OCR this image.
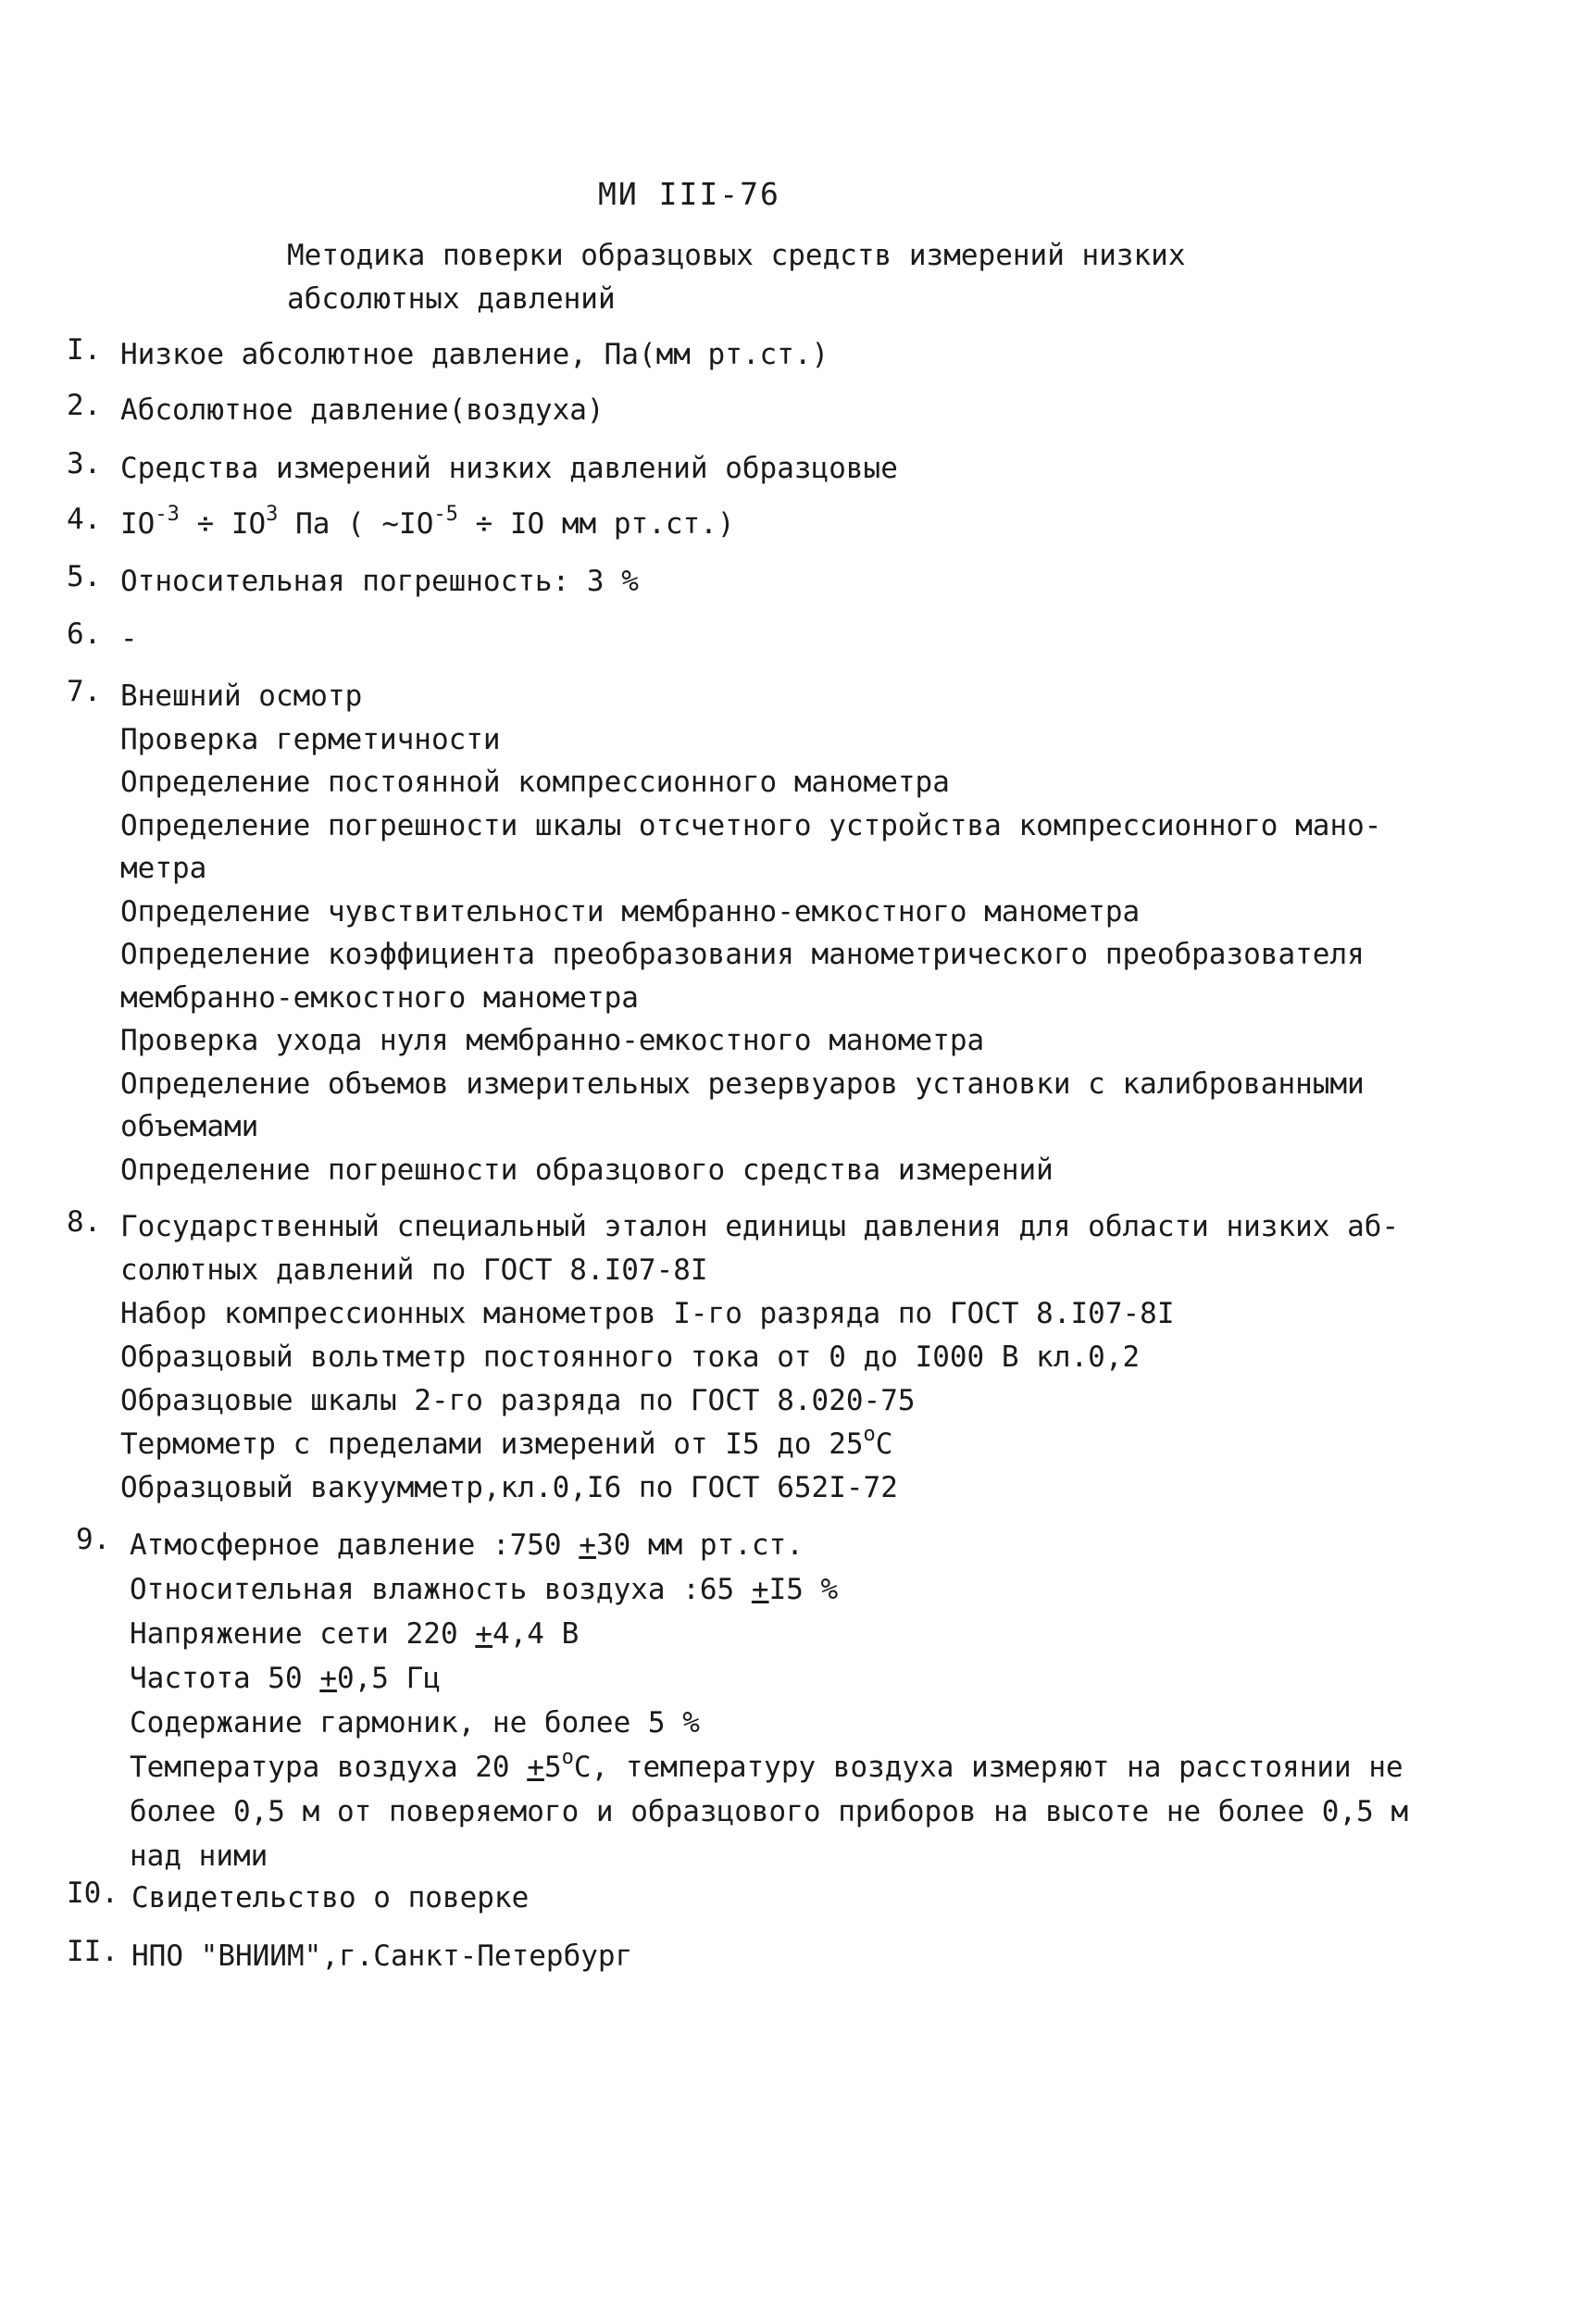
МИ III-76
Методика поверки образцовых средств измерений низких
абсолютных давлений
I. Низкое абсолютное давление, Па(мм рт.ст.)
2. Абсолютное давление(воздуха)
3. Средства измерений низких давлений образцовые
4. $IO^{-3} \div IO^3$ Па ( $\sim IO^{-5}$ ÷ IO мм рт.ст.)
5. Относительная погрешность: 3 %
6. -
7. Внешний осмотр
Проверка герметичности
Определение постоянной компрессионного манометра
Определение погрешности шкалы отсчетного устройства компрессионного мано-
метра
Определение чувствительности мембранно-емкостного манометра
Определение коэффициента преобразования манометрического преобразователя
мембранно-емкостного манометра
Проверка ухода нуля мембранно-емкостного манометра
Определение объемов измерительных резервуаров установки с калиброванными
объемами
Определение погрешности образцового средства измерений
8. Государственный специальный эталон единицы давления для области низких аб-
солютных давлений по ГОСТ 8.I07-8I
Набор компрессионных манометров I-го разряда по ГОСТ 8.I07-8I
Образцовый вольтметр постоянного тока от 0 до I000 В кл.0,2
Образцовые шкалы 2-го разряда по ГОСТ 8.020-75
Термометр с пределами измерений от I5 до $25^оС$
Образцовый вакуумметр,кл.0,I6 по ГОСТ 652I-72
9. Атмосферное давление :750 +30 мм рт.ст.
Относительная влажность воздуха :65 +I5 %
Напряжение сети 220 +4,4 В
Частота 50 +0,5 Гц
Содержание гармоник, не более 5 %
Температура воздуха $20 +5^оС$, температуру воздуха измеряют на расстоянии не
более 0,5 м от поверяемого и образцового приборов на высоте не более 0,5 м
над ними
I0. Свидетельство о поверке
II. НПО "ВНИИМ",г.Санкт-Петербург
